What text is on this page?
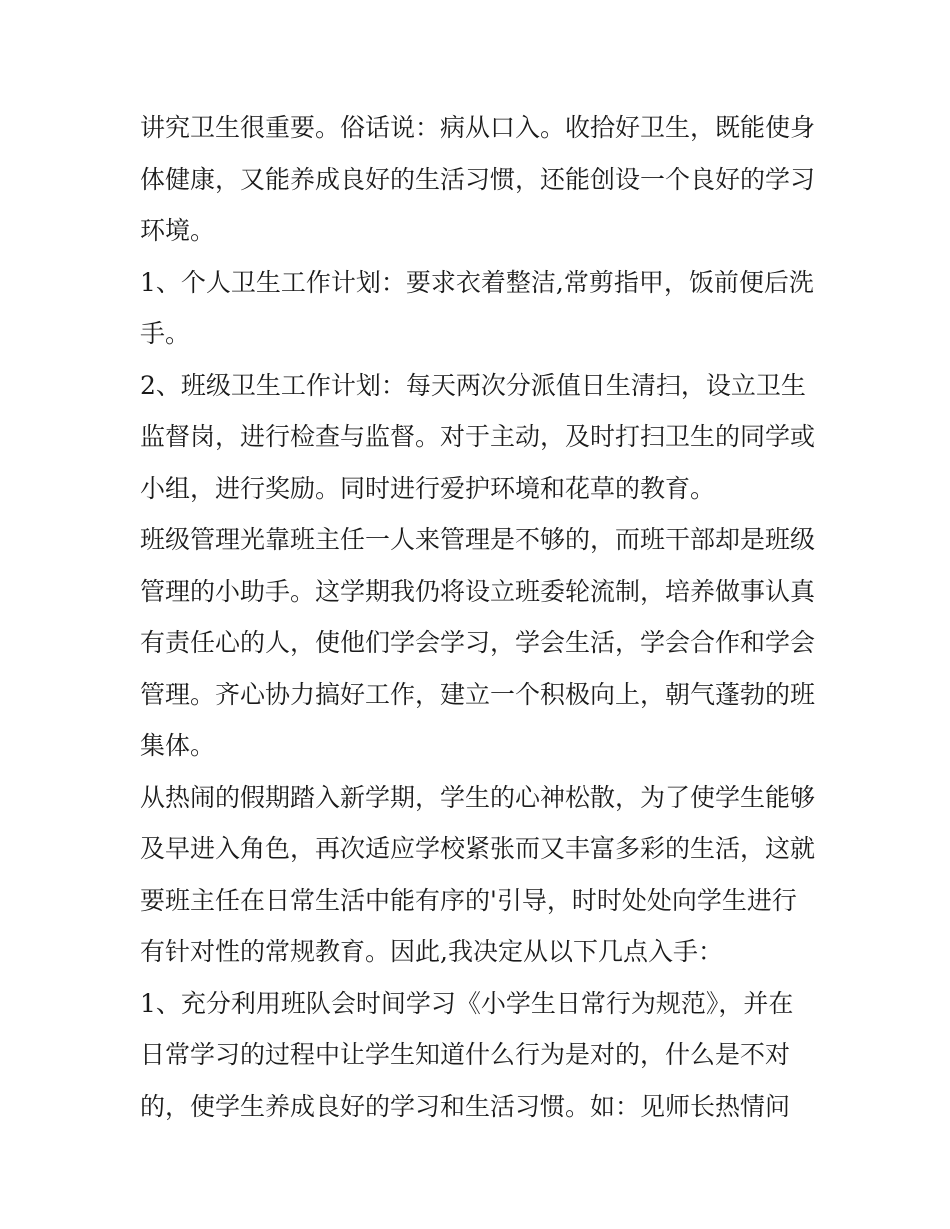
讲究卫生很重要。俗话说：病从口入。收拾好卫生，既能使身
体健康，又能养成良好的生活习惯，还能创设一个良好的学习
环境。
1、个人卫生工作计划：要求衣着整洁,常剪指甲，饭前便后洗
手。
2、班级卫生工作计划：每天两次分派值日生清扫，设立卫生
监督岗，进行检查与监督。对于主动，及时打扫卫生的同学或
小组，进行奖励。同时进行爱护环境和花草的教育。
班级管理光靠班主任一人来管理是不够的，而班干部却是班级
管理的小助手。这学期我仍将设立班委轮流制，培养做事认真
有责任心的人，使他们学会学习，学会生活，学会合作和学会
管理。齐心协力搞好工作，建立一个积极向上，朝气蓬勃的班
集体。
从热闹的假期踏入新学期，学生的心神松散，为了使学生能够
及早进入角色，再次适应学校紧张而又丰富多彩的生活，这就
要班主任在日常生活中能有序的'引导，时时处处向学生进行
有针对性的常规教育。因此,我决定从以下几点入手：
1、充分利用班队会时间学习《小学生日常行为规范》，并在
日常学习的过程中让学生知道什么行为是对的，什么是不对
的，使学生养成良好的学习和生活习惯。如：见师长热情问
